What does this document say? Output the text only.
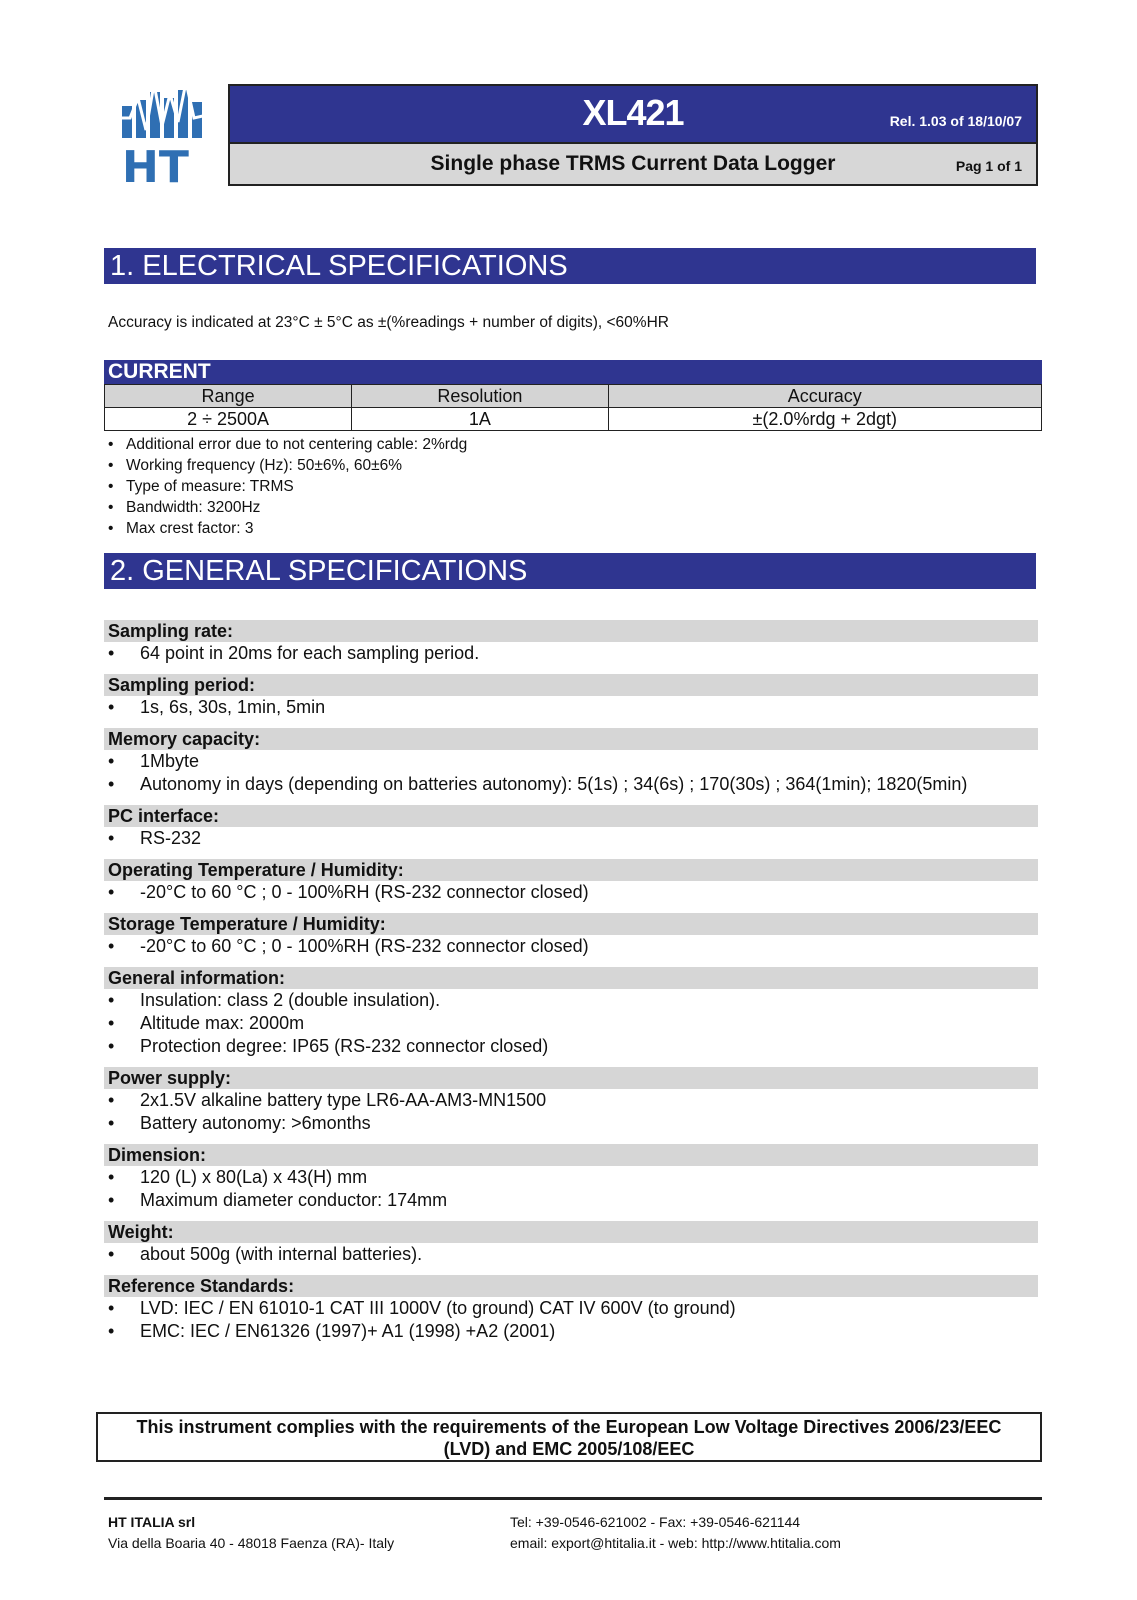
HT
XL421	Rel. 1.03 of 18/10/07
Single phase TRMS Current Data Logger	Pag 1 of 1
1. ELECTRICAL SPECIFICATIONS
Accuracy is indicated at 23°C ± 5°C as ±(%readings + number of digits), <60%HR
CURRENT
Range	Resolution	Accuracy
2 ÷ 2500A	1A	±(2.0%rdg + 2dgt)
• Additional error due to not centering cable: 2%rdg
• Working frequency (Hz): 50±6%, 60±6%
• Type of measure: TRMS
• Bandwidth: 3200Hz
• Max crest factor: 3
2. GENERAL SPECIFICATIONS
Sampling rate:
• 64 point in 20ms for each sampling period.
Sampling period:
• 1s, 6s, 30s, 1min, 5min
Memory capacity:
• 1Mbyte
• Autonomy in days (depending on batteries autonomy): 5(1s) ; 34(6s) ; 170(30s) ; 364(1min); 1820(5min)
PC interface:
• RS-232
Operating Temperature / Humidity:
• -20°C to 60 °C ; 0 - 100%RH (RS-232 connector closed)
Storage Temperature / Humidity:
• -20°C to 60 °C ; 0 - 100%RH (RS-232 connector closed)
General information:
• Insulation: class 2 (double insulation).
• Altitude max: 2000m
• Protection degree: IP65 (RS-232 connector closed)
Power supply:
• 2x1.5V alkaline battery type LR6-AA-AM3-MN1500
• Battery autonomy: >6months
Dimension:
• 120 (L) x 80(La) x 43(H) mm
• Maximum diameter conductor: 174mm
Weight:
• about 500g (with internal batteries).
Reference Standards:
• LVD: IEC / EN 61010-1 CAT III 1000V (to ground) CAT IV 600V (to ground)
• EMC: IEC / EN61326 (1997)+ A1 (1998) +A2 (2001)
This instrument complies with the requirements of the European Low Voltage Directives 2006/23/EEC
(LVD) and EMC 2005/108/EEC
HT ITALIA srl
Via della Boaria 40 - 48018 Faenza (RA)- Italy
Tel: +39-0546-621002 - Fax: +39-0546-621144
email: export@htitalia.it - web: http://www.htitalia.com
